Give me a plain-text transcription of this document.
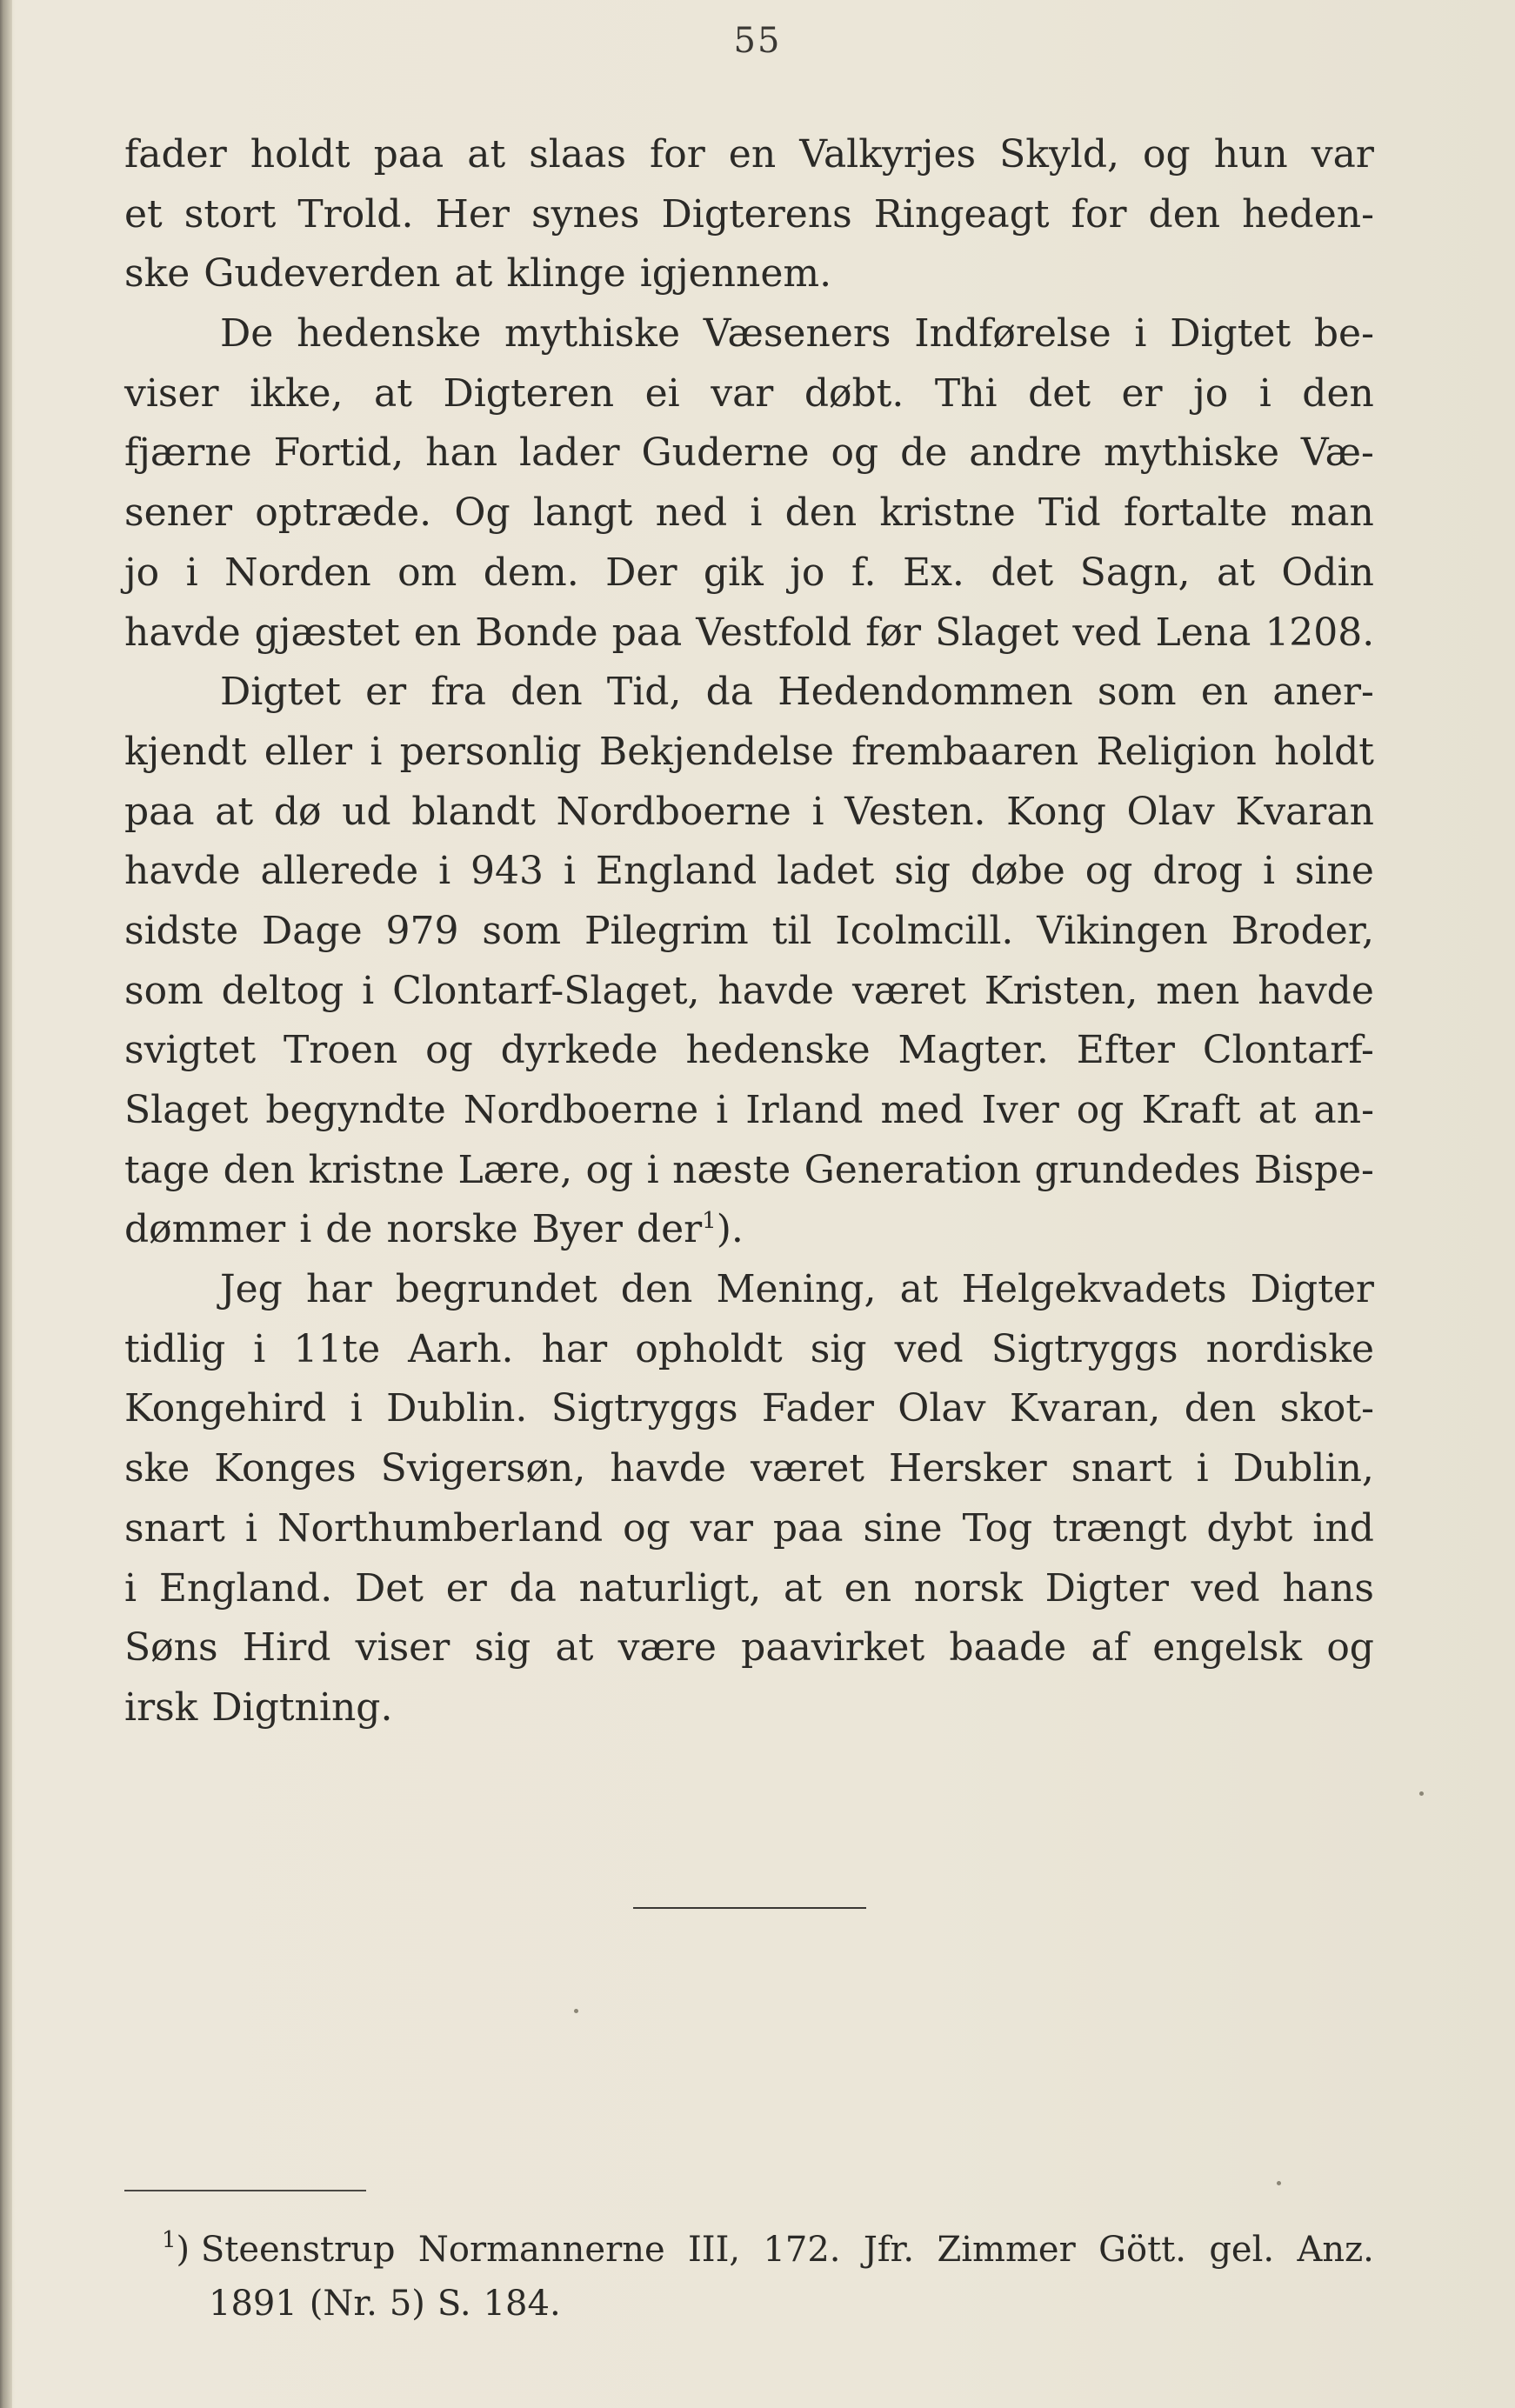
55
fader holdt paa at slaas for en Valkyrjes Skyld, og hun var
et stort Trold. Her synes Digterens Ringeagt for den heden-
ske Gudeverden at klinge igjennem.
De hedenske mythiske Væseners Indførelse i Digtet be-
viser ikke, at Digteren ei var døbt. Thi det er jo i den
fjærne Fortid, han lader Guderne og de andre mythiske Væ-
sener optræde. Og langt ned i den kristne Tid fortalte man
jo i Norden om dem. Der gik jo f. Ex. det Sagn, at Odin
havde gjæstet en Bonde paa Vestfold før Slaget ved Lena 1208.
Digtet er fra den Tid, da Hedendommen som en aner-
kjendt eller i personlig Bekjendelse frembaaren Religion holdt
paa at dø ud blandt Nordboerne i Vesten. Kong Olav Kvaran
havde allerede i 943 i England ladet sig døbe og drog i sine
sidste Dage 979 som Pilegrim til Icolmcill. Vikingen Broder,
som deltog i Clontarf-Slaget, havde været Kristen, men havde
svigtet Troen og dyrkede hedenske Magter. Efter Clontarf-
Slaget begyndte Nordboerne i Irland med Iver og Kraft at an-
tage den kristne Lære, og i næste Generation grundedes Bispe-
dømmer i de norske Byer der$^1$).
Jeg har begrundet den Mening, at Helgekvadets Digter
tidlig i 11te Aarh. har opholdt sig ved Sigtryggs nordiske
Kongehird i Dublin. Sigtryggs Fader Olav Kvaran, den skot-
ske Konges Svigersøn, havde været Hersker snart i Dublin,
snart i Northumberland og var paa sine Tog trængt dybt ind
i England. Det er da naturligt, at en norsk Digter ved hans
Søns Hird viser sig at være paavirket baade af engelsk og
irsk Digtning.
$^1$) Steenstrup Normannerne III, 172. Jfr. Zimmer Gött. gel. Anz.
1891 (Nr. 5) S. 184.
